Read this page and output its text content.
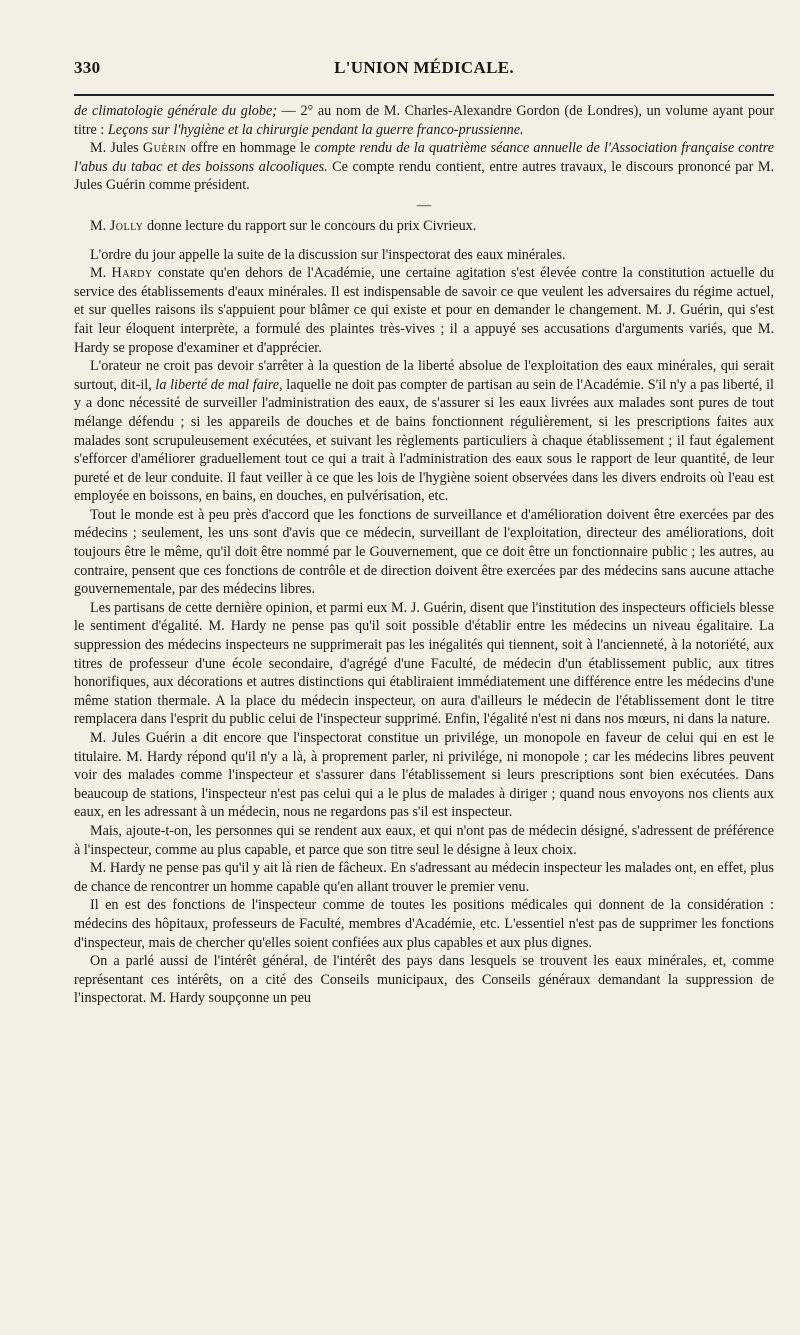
330	L'UNION MÉDICALE.

de climatologie générale du globe; — 2° au nom de M. Charles-Alexandre Gordon (de Londres), un volume ayant pour titre : Leçons sur l'hygiène et la chirurgie pendant la guerre franco-prussienne.

M. Jules Guérin offre en hommage le compte rendu de la quatrième séance annuelle de l'Association française contre l'abus du tabac et des boissons alcooliques. Ce compte rendu contient, entre autres travaux, le discours prononcé par M. Jules Guérin comme président.

—

M. Jolly donne lecture du rapport sur le concours du prix Civrieux.

L'ordre du jour appelle la suite de la discussion sur l'inspectorat des eaux minérales.

M. Hardy constate qu'en dehors de l'Académie, une certaine agitation s'est élevée contre la constitution actuelle du service des établissements d'eaux minérales. Il est indispensable de savoir ce que veulent les adversaires du régime actuel, et sur quelles raisons ils s'appuient pour blâmer ce qui existe et pour en demander le changement. M. J. Guérin, qui s'est fait leur éloquent interprète, a formulé des plaintes très-vives ; il a appuyé ses accusations d'arguments variés, que M. Hardy se propose d'examiner et d'apprécier.

L'orateur ne croit pas devoir s'arrêter à la question de la liberté absolue de l'exploitation des eaux minérales, qui serait surtout, dit-il, la liberté de mal faire, laquelle ne doit pas compter de partisan au sein de l'Académie. S'il n'y a pas liberté, il y a donc nécessité de surveiller l'administration des eaux, de s'assurer si les eaux livrées aux malades sont pures de tout mélange défendu ; si les appareils de douches et de bains fonctionnent régulièrement, si les prescriptions faites aux malades sont scrupuleusement exécutées, et suivant les règlements particuliers à chaque établissement ; il faut également s'efforcer d'améliorer graduellement tout ce qui a trait à l'administration des eaux sous le rapport de leur quantité, de leur pureté et de leur conduite. Il faut veiller à ce que les lois de l'hygiène soient observées dans les divers endroits où l'eau est employée en boissons, en bains, en douches, en pulvérisation, etc.

Tout le monde est à peu près d'accord que les fonctions de surveillance et d'amélioration doivent être exercées par des médecins ; seulement, les uns sont d'avis que ce médecin, surveillant de l'exploitation, directeur des améliorations, doit toujours être le même, qu'il doit être nommé par le Gouvernement, que ce doit être un fonctionnaire public ; les autres, au contraire, pensent que ces fonctions de contrôle et de direction doivent être exercées par des médecins sans aucune attache gouvernementale, par des médecins libres.

Les partisans de cette dernière opinion, et parmi eux M. J. Guérin, disent que l'institution des inspecteurs officiels blesse le sentiment d'égalité. M. Hardy ne pense pas qu'il soit possible d'établir entre les médecins un niveau égalitaire. La suppression des médecins inspecteurs ne supprimerait pas les inégalités qui tiennent, soit à l'ancienneté, à la notoriété, aux titres de professeur d'une école secondaire, d'agrégé d'une Faculté, de médecin d'un établissement public, aux titres honorifiques, aux décorations et autres distinctions qui établiraient immédiatement une différence entre les médecins d'une même station thermale. A la place du médecin inspecteur, on aura d'ailleurs le médecin de l'établissement dont le titre remplacera dans l'esprit du public celui de l'inspecteur supprimé. Enfin, l'égalité n'est ni dans nos mœurs, ni dans la nature.

M. Jules Guérin a dit encore que l'inspectorat constitue un privilége, un monopole en faveur de celui qui en est le titulaire. M. Hardy répond qu'il n'y a là, à proprement parler, ni privilége, ni monopole ; car les médecins libres peuvent voir des malades comme l'inspecteur et s'assurer dans l'établissement si leurs prescriptions sont bien exécutées. Dans beaucoup de stations, l'inspecteur n'est pas celui qui a le plus de malades à diriger ; quand nous envoyons nos clients aux eaux, en les adressant à un médecin, nous ne regardons pas s'il est inspecteur.

Mais, ajoute-t-on, les personnes qui se rendent aux eaux, et qui n'ont pas de médecin désigné, s'adressent de préférence à l'inspecteur, comme au plus capable, et parce que son titre seul le désigne à leux choix.

M. Hardy ne pense pas qu'il y ait là rien de fâcheux. En s'adressant au médecin inspecteur les malades ont, en effet, plus de chance de rencontrer un homme capable qu'en allant trouver le premier venu.

Il en est des fonctions de l'inspecteur comme de toutes les positions médicales qui donnent de la considération : médecins des hôpitaux, professeurs de Faculté, membres d'Académie, etc. L'essentiel n'est pas de supprimer les fonctions d'inspecteur, mais de chercher qu'elles soient confiées aux plus capables et aux plus dignes.

On a parlé aussi de l'intérêt général, de l'intérêt des pays dans lesquels se trouvent les eaux minérales, et, comme représentant ces intérêts, on a cité des Conseils municipaux, des Conseils généraux demandant la suppression de l'inspectorat. M. Hardy soupçonne un peu
